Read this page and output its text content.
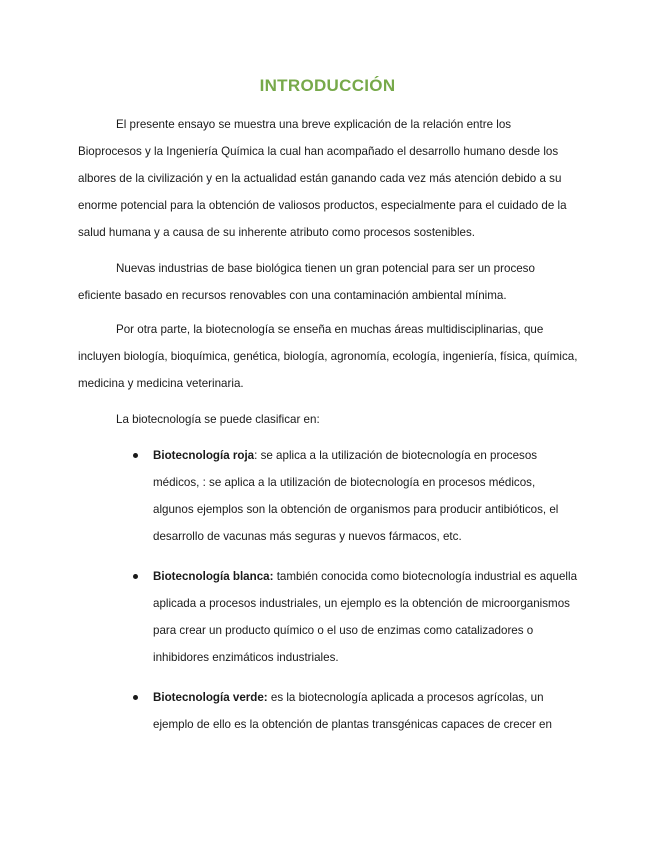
INTRODUCCIÓN

El presente ensayo se muestra una breve explicación de la relación entre los Bioprocesos y la Ingeniería Química la cual han acompañado el desarrollo humano desde los albores de la civilización y en la actualidad están ganando cada vez más atención debido a su enorme potencial para la obtención de valiosos productos, especialmente para el cuidado de la salud humana y a causa de su inherente atributo como procesos sostenibles.

Nuevas industrias de base biológica tienen un gran potencial para ser un proceso eficiente basado en recursos renovables con una contaminación ambiental mínima.

Por otra parte, la biotecnología se enseña en muchas áreas multidisciplinarias, que incluyen biología, bioquímica, genética, biología, agronomía, ecología, ingeniería, física, química, medicina y medicina veterinaria.

La biotecnología se puede clasificar en:

Biotecnología roja: se aplica a la utilización de biotecnología en procesos médicos, : se aplica a la utilización de biotecnología en procesos médicos, algunos ejemplos son la obtención de organismos para producir antibióticos, el desarrollo de vacunas más seguras y nuevos fármacos, etc.
Biotecnología blanca: también conocida como biotecnología industrial es aquella aplicada a procesos industriales, un ejemplo es la obtención de microorganismos para crear un producto químico o el uso de enzimas como catalizadores o inhibidores enzimáticos industriales.
Biotecnología verde: es la biotecnología aplicada a procesos agrícolas, un ejemplo de ello es la obtención de plantas transgénicas capaces de crecer en
